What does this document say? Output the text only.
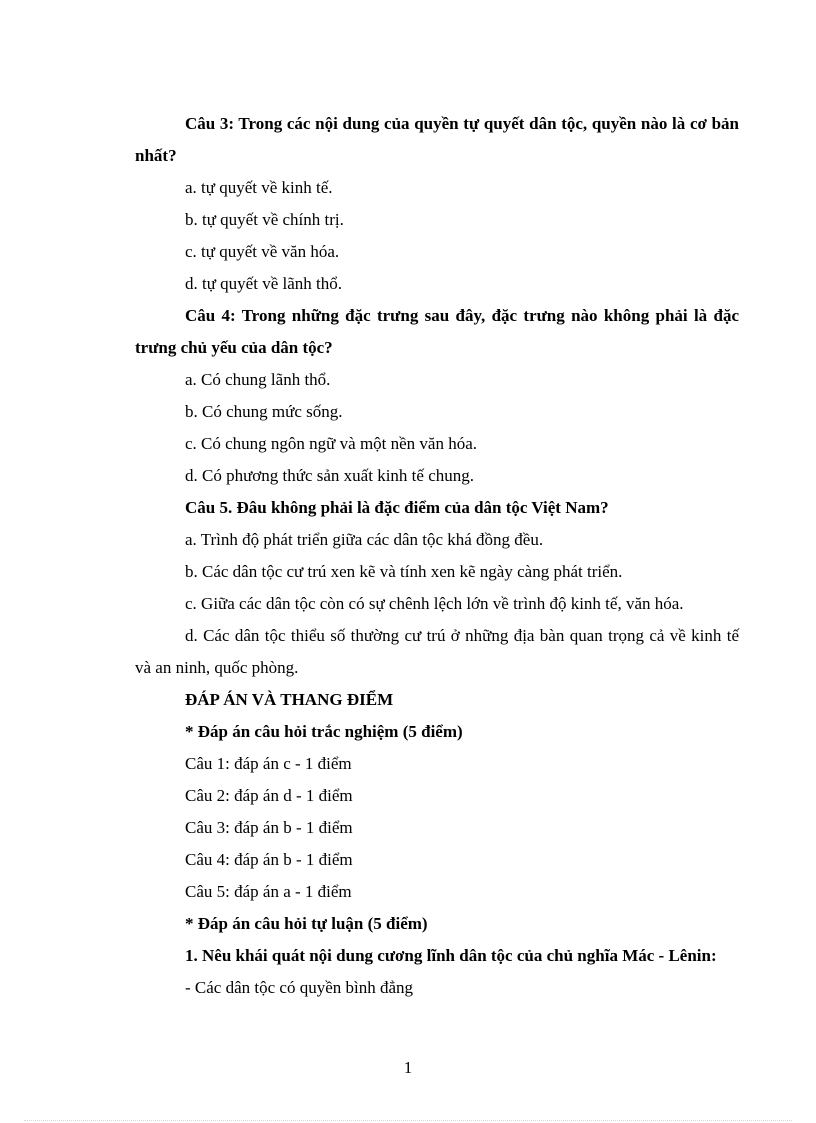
Câu 3: Trong các nội dung của quyền tự quyết dân tộc, quyền nào là cơ bản nhất?
a. tự quyết về kinh tế.
b. tự quyết về chính trị.
c. tự quyết về văn hóa.
d. tự quyết về lãnh thổ.
Câu 4: Trong những đặc trưng sau đây, đặc trưng nào không phải là đặc trưng chủ yếu của dân tộc?
a. Có chung lãnh thổ.
b. Có chung mức sống.
c. Có chung ngôn ngữ và một nền văn hóa.
d. Có phương thức sản xuất kinh tế chung.
Câu 5. Đâu không phải là đặc điểm của dân tộc Việt Nam?
a. Trình độ phát triển giữa các dân tộc khá đồng đều.
b. Các dân tộc cư trú xen kẽ và tính xen kẽ ngày càng phát triển.
c. Giữa các dân tộc còn có sự chênh lệch lớn về trình độ kinh tế, văn hóa.
d. Các dân tộc thiểu số thường cư trú ở những địa bàn quan trọng cả về kinh tế và an ninh, quốc phòng.
ĐÁP ÁN VÀ THANG ĐIỂM
* Đáp án câu hỏi trắc nghiệm (5 điểm)
Câu 1: đáp án c - 1 điểm
Câu 2: đáp án d - 1 điểm
Câu 3: đáp án b - 1 điểm
Câu 4: đáp án b - 1 điểm
Câu 5: đáp án a - 1 điểm
* Đáp án câu hỏi tự luận (5 điểm)
1. Nêu khái quát nội dung cương lĩnh dân tộc của chủ nghĩa Mác - Lênin:
- Các dân tộc có quyền bình đẳng
1
